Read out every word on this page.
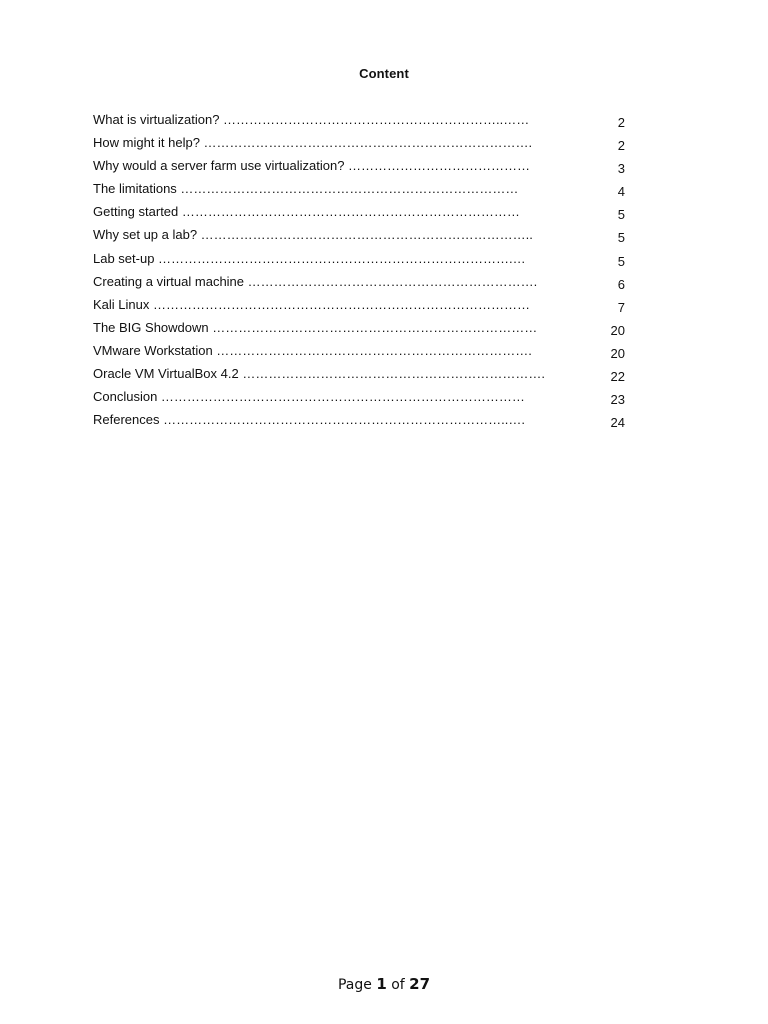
Content
What is virtualization? ………………………………………………………..……	2
How might it help? ………………………………………………………………….	2
Why would a server farm use virtualization? ……………………………………	3
The limitations ……………………………………………………………………	4
Getting started ……………………………………………………………………	5
Why set up a lab? …………………………………………………………………..	5
Lab set-up ……………………………………………………………………….…	5
Creating a virtual machine ………………………………………………………….	6
Kali Linux ……………………………………………………………………………	7
The BIG Showdown …………………………………………………………………	20
VMware Workstation ……………………………………………………………….	20
Oracle VM VirtualBox 4.2 …………………………………………………………….	22
Conclusion …………………………………………………………………………	23
References ……………………………………………………………………..….	24
Page 1 of 27
